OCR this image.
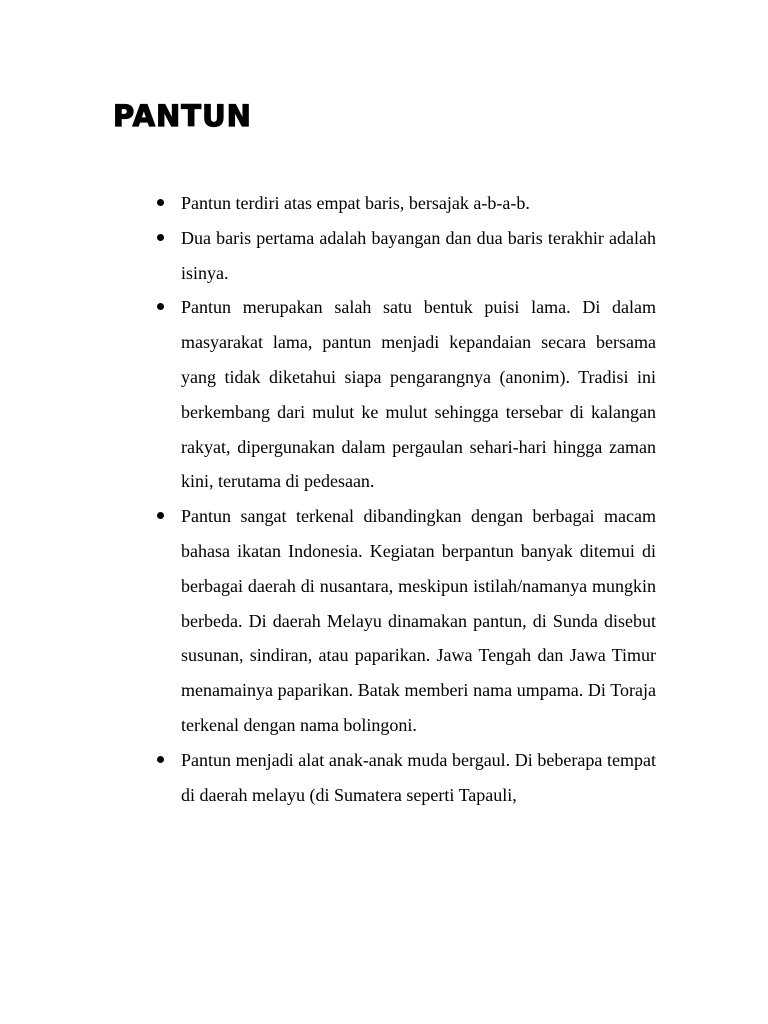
PANTUN
Pantun terdiri atas empat baris, bersajak a-b-a-b.
Dua baris pertama adalah bayangan dan dua baris terakhir adalah isinya.
Pantun merupakan salah satu bentuk puisi lama. Di dalam masyarakat lama, pantun menjadi kepandaian secara bersama yang tidak diketahui siapa pengarangnya (anonim). Tradisi ini berkembang dari mulut ke mulut sehingga tersebar di kalangan rakyat, dipergunakan dalam pergaulan sehari-hari hingga zaman kini, terutama di pedesaan.
Pantun sangat terkenal dibandingkan dengan berbagai macam bahasa ikatan Indonesia. Kegiatan berpantun banyak ditemui di berbagai daerah di nusantara, meskipun istilah/namanya mungkin berbeda. Di daerah Melayu dinamakan pantun, di Sunda disebut susunan, sindiran, atau paparikan. Jawa Tengah dan Jawa Timur menamainya paparikan. Batak memberi nama umpama. Di Toraja terkenal dengan nama bolingoni.
Pantun menjadi alat anak-anak muda bergaul. Di beberapa tempat di daerah melayu (di Sumatera seperti Tapauli,
